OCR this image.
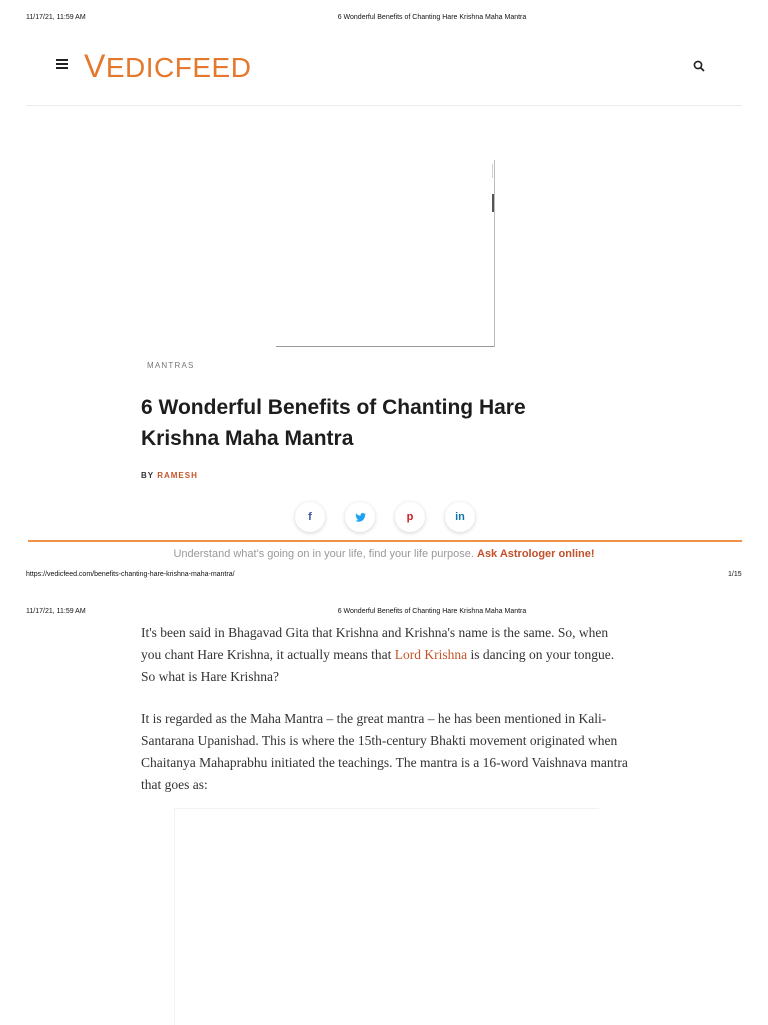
11/17/21, 11:59 AM	6 Wonderful Benefits of Chanting Hare Krishna Maha Mantra
VEDICFEED
MANTRAS
6 Wonderful Benefits of Chanting Hare Krishna Maha Mantra
BY RAMESH
f	p	in
Understand what's going on in your life, find your life purpose. Ask Astrologer online!
https://vedicfeed.com/benefits-chanting-hare-krishna-maha-mantra/	1/15
11/17/21, 11:59 AM	6 Wonderful Benefits of Chanting Hare Krishna Maha Mantra
It's been said in Bhagavad Gita that Krishna and Krishna's name is the same. So, when you chant Hare Krishna, it actually means that Lord Krishna is dancing on your tongue. So what is Hare Krishna?
It is regarded as the Maha Mantra – the great mantra – he has been mentioned in Kali-Santarana Upanishad. This is where the 15th-century Bhakti movement originated when Chaitanya Mahaprabhu initiated the teachings. The mantra is a 16-word Vaishnava mantra that goes as:
